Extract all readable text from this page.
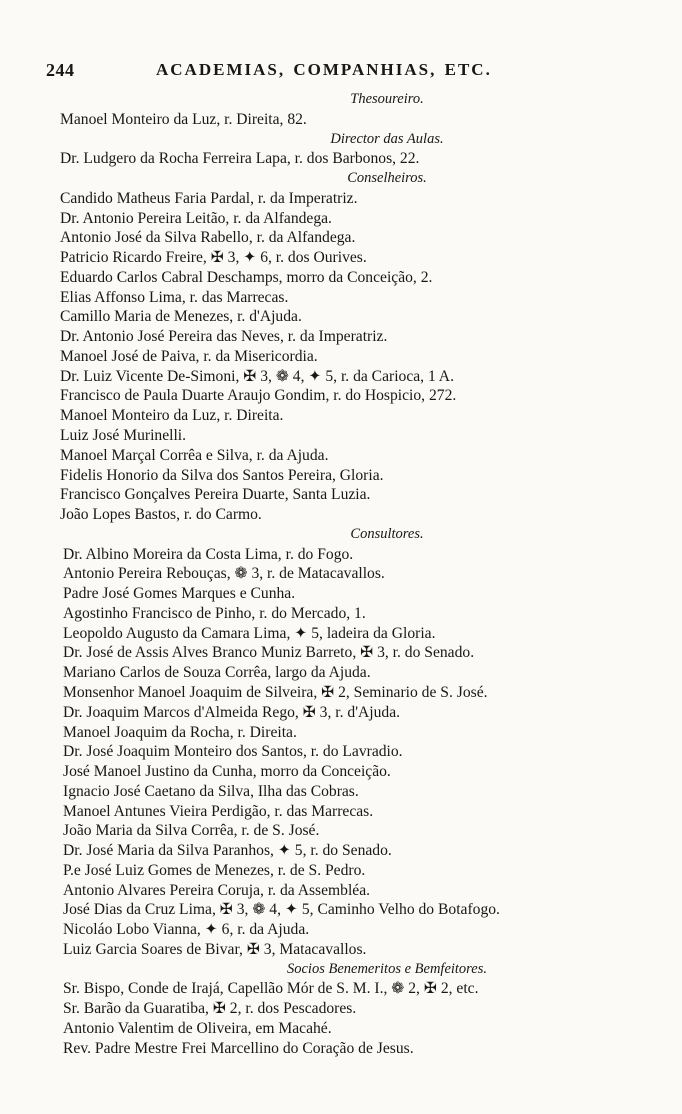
244	ACADEMIAS, COMPANHIAS, ETC.
Thesoureiro.
Manoel Monteiro da Luz, r. Direita, 82.
Director das Aulas.
Dr. Ludgero da Rocha Ferreira Lapa, r. dos Barbonos, 22.
Conselheiros.
Candido Matheus Faria Pardal, r. da Imperatriz.
Dr. Antonio Pereira Leitão, r. da Alfandega.
Antonio José da Silva Rabello, r. da Alfandega.
Patricio Ricardo Freire, ✠ 3, ✦ 6, r. dos Ourives.
Eduardo Carlos Cabral Deschamps, morro da Conceição, 2.
Elias Affonso Lima, r. das Marrecas.
Camillo Maria de Menezes, r. d'Ajuda.
Dr. Antonio José Pereira das Neves, r. da Imperatriz.
Manoel José de Paiva, r. da Misericordia.
Dr. Luiz Vicente De-Simoni, ✠ 3, ❁ 4, ✦ 5, r. da Carioca, 1 A.
Francisco de Paula Duarte Araujo Gondim, r. do Hospicio, 272.
Manoel Monteiro da Luz, r. Direita.
Luiz José Murinelli.
Manoel Marçal Corrêa e Silva, r. da Ajuda.
Fidelis Honorio da Silva dos Santos Pereira, Gloria.
Francisco Gonçalves Pereira Duarte, Santa Luzia.
João Lopes Bastos, r. do Carmo.
Consultores.
Dr. Albino Moreira da Costa Lima, r. do Fogo.
Antonio Pereira Rebouças, ❁ 3, r. de Matacavallos.
Padre José Gomes Marques e Cunha.
Agostinho Francisco de Pinho, r. do Mercado, 1.
Leopoldo Augusto da Camara Lima, ✦ 5, ladeira da Gloria.
Dr. José de Assis Alves Branco Muniz Barreto, ✠ 3, r. do Senado.
Mariano Carlos de Souza Corrêa, largo da Ajuda.
Monsenhor Manoel Joaquim de Silveira, ✠ 2, Seminario de S. José.
Dr. Joaquim Marcos d'Almeida Rego, ✠ 3, r. d'Ajuda.
Manoel Joaquim da Rocha, r. Direita.
Dr. José Joaquim Monteiro dos Santos, r. do Lavradio.
José Manoel Justino da Cunha, morro da Conceição.
Ignacio José Caetano da Silva, Ilha das Cobras.
Manoel Antunes Vieira Perdigão, r. das Marrecas.
João Maria da Silva Corrêa, r. de S. José.
Dr. José Maria da Silva Paranhos, ✦ 5, r. do Senado.
P.e José Luiz Gomes de Menezes, r. de S. Pedro.
Antonio Alvares Pereira Coruja, r. da Assembléa.
José Dias da Cruz Lima, ✠ 3, ❁ 4, ✦ 5, Caminho Velho do Botafogo.
Nicoláo Lobo Vianna, ✦ 6, r. da Ajuda.
Luiz Garcia Soares de Bivar, ✠ 3, Matacavallos.
Socios Benemeritos e Bemfeitores.
Sr. Bispo, Conde de Irajá, Capellão Mór de S. M. I., ❁ 2, ✠ 2, etc.
Sr. Barão da Guaratiba, ✠ 2, r. dos Pescadores.
Antonio Valentim de Oliveira, em Macahé.
Rev. Padre Mestre Frei Marcellino do Coração de Jesus.
